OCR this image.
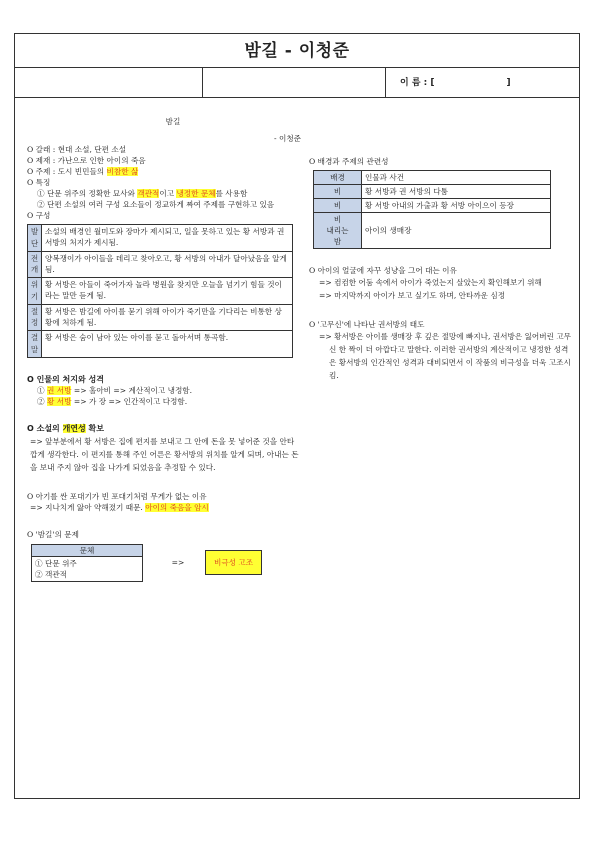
밤길 - 이청준
이 름 : [	]

밤길

- 이청준

O 갈래 : 현대 소설, 단편 소설

O 제재 : 가난으로 인한 아이의 죽음

O 주제 : 도시 빈민들의 비참한 삶

O 특징

① 단문 위주의 정확한 묘사와 객관적이고 냉정한 문체를 사용함

② 단편 소설의 여러 구성 요소들이 정교하게 짜여 주제를 구현하고 있음

O 구성

발
단	소설의 배경인 월미도와 장마가 제시되고, 일을 못하고 있는 황 서방과 권서방의 처지가 제시됨.

전
개	양복쟁이가 아이들을 데리고 찾아오고, 황 서방의 아내가 달아났음을 알게 됨.

위
기	황 서방은 아들이 죽어가자 놀라 병원을 찾지만 오늘을 넘기기 힘들 것이라는 말만 듣게 됨.

절
정	황 서방은 밤길에 아이를 묻기 위해 아이가 죽기만을 기다리는 비통한 상황에 처하게 됨.

결
말	황 서방은 숨이 남아 있는 아이를 묻고 돌아서며 통곡함.

O 인물의 처지와 성격

① 권 서방 => 홀아비 => 계산적이고 냉정함.

② 황 서방 => 가 장 => 인간적이고 다정함.

O 소설의 개연성 확보

=> 앞부분에서 황 서방은 집에 편지를 보내고 그 안에 돈을 못 넣어준 것을 안타깝게 생각한다. 이 편지를 통해 주인 어른은 황서방의 위치를 알게 되며, 아내는 돈을 보내 주지 않아 집을 나가게 되었음을 추정할 수 있다.

O 아기를 싼 포대기가 빈 포대기처럼 무게가 없는 이유

=> 지나치게 앓아 약해졌기 때문. 아이의 죽음을 암시

O '밤길'의 문제

문체

① 단문 위주
② 객관적
=>	비극성 고조

O 배경과 주제의 관련성

배경	인물과 사건
비	황 서방과 권 서방의 다툼
비	황 서방 아내의 가출과 황 서방 아이으이 등장
비
내리는
밤	아이의 생매장

O 아이의 얼굴에 자꾸 성냥을 그어 대는 이유

=> 컴컴한 어둠 속에서 아이가 죽었는지 살았는지 확인해보기 위해

=> 마지막까지 아이가 보고 싶기도 하며, 안타까운 심정

O '고무신'에 나타난 권서방의 태도

=> 황서방은 아이를 생매장 후 깊은 절망에 빠지나, 권서방은 잃어버린 고무신 한 짝이 더 아깝다고 말한다. 이러한 권서방의 계산적이고 냉정한 성격은 황서방의 인간적인 성격과 대비되면서 이 작품의 비극성을 더욱 고조시킴.
